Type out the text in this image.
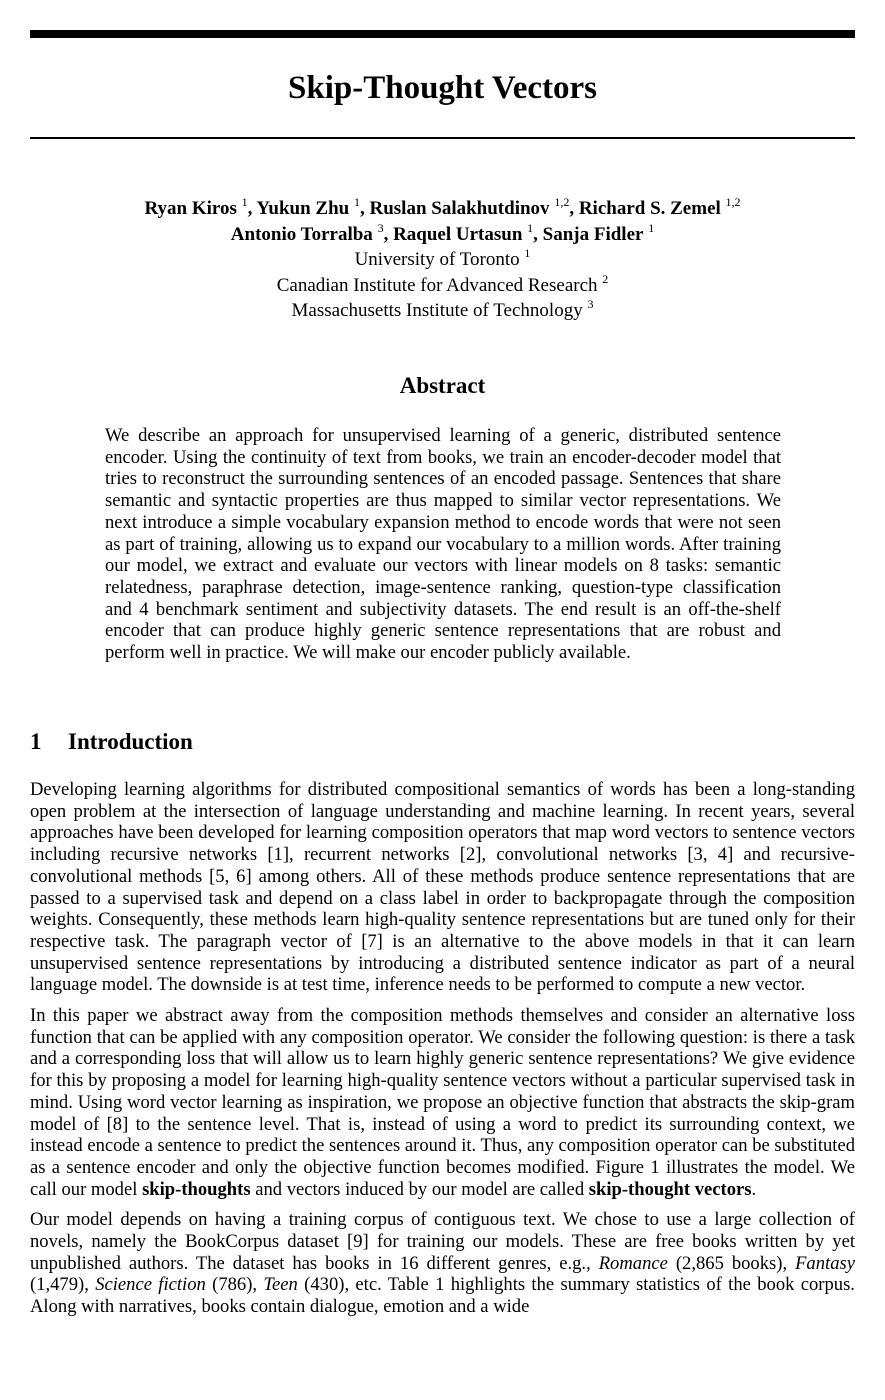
Skip-Thought Vectors
Ryan Kiros $^1$, Yukun Zhu $^1$, Ruslan Salakhutdinov $^{1,2}$, Richard S. Zemel $^{1,2}$
Antonio Torralba $^3$, Raquel Urtasun $^1$, Sanja Fidler $^1$
University of Toronto $^1$
Canadian Institute for Advanced Research $^2$
Massachusetts Institute of Technology $^3$
Abstract
We describe an approach for unsupervised learning of a generic, distributed sentence encoder. Using the continuity of text from books, we train an encoder-decoder model that tries to reconstruct the surrounding sentences of an encoded passage. Sentences that share semantic and syntactic properties are thus mapped to similar vector representations. We next introduce a simple vocabulary expansion method to encode words that were not seen as part of training, allowing us to expand our vocabulary to a million words. After training our model, we extract and evaluate our vectors with linear models on 8 tasks: semantic relatedness, paraphrase detection, image-sentence ranking, question-type classification and 4 benchmark sentiment and subjectivity datasets. The end result is an off-the-shelf encoder that can produce highly generic sentence representations that are robust and perform well in practice. We will make our encoder publicly available.
1 Introduction

Developing learning algorithms for distributed compositional semantics of words has been a long-standing open problem at the intersection of language understanding and machine learning. In recent years, several approaches have been developed for learning composition operators that map word vectors to sentence vectors including recursive networks [1], recurrent networks [2], convolutional networks [3, 4] and recursive-convolutional methods [5, 6] among others. All of these methods produce sentence representations that are passed to a supervised task and depend on a class label in order to backpropagate through the composition weights. Consequently, these methods learn high-quality sentence representations but are tuned only for their respective task. The paragraph vector of [7] is an alternative to the above models in that it can learn unsupervised sentence representations by introducing a distributed sentence indicator as part of a neural language model. The downside is at test time, inference needs to be performed to compute a new vector.

In this paper we abstract away from the composition methods themselves and consider an alternative loss function that can be applied with any composition operator. We consider the following question: is there a task and a corresponding loss that will allow us to learn highly generic sentence representations? We give evidence for this by proposing a model for learning high-quality sentence vectors without a particular supervised task in mind. Using word vector learning as inspiration, we propose an objective function that abstracts the skip-gram model of [8] to the sentence level. That is, instead of using a word to predict its surrounding context, we instead encode a sentence to predict the sentences around it. Thus, any composition operator can be substituted as a sentence encoder and only the objective function becomes modified. Figure 1 illustrates the model. We call our model skip-thoughts and vectors induced by our model are called skip-thought vectors.

Our model depends on having a training corpus of contiguous text. We chose to use a large collection of novels, namely the BookCorpus dataset [9] for training our models. These are free books written by yet unpublished authors. The dataset has books in 16 different genres, e.g., Romance (2,865 books), Fantasy (1,479), Science fiction (786), Teen (430), etc. Table 1 highlights the summary statistics of the book corpus. Along with narratives, books contain dialogue, emotion and a wide
